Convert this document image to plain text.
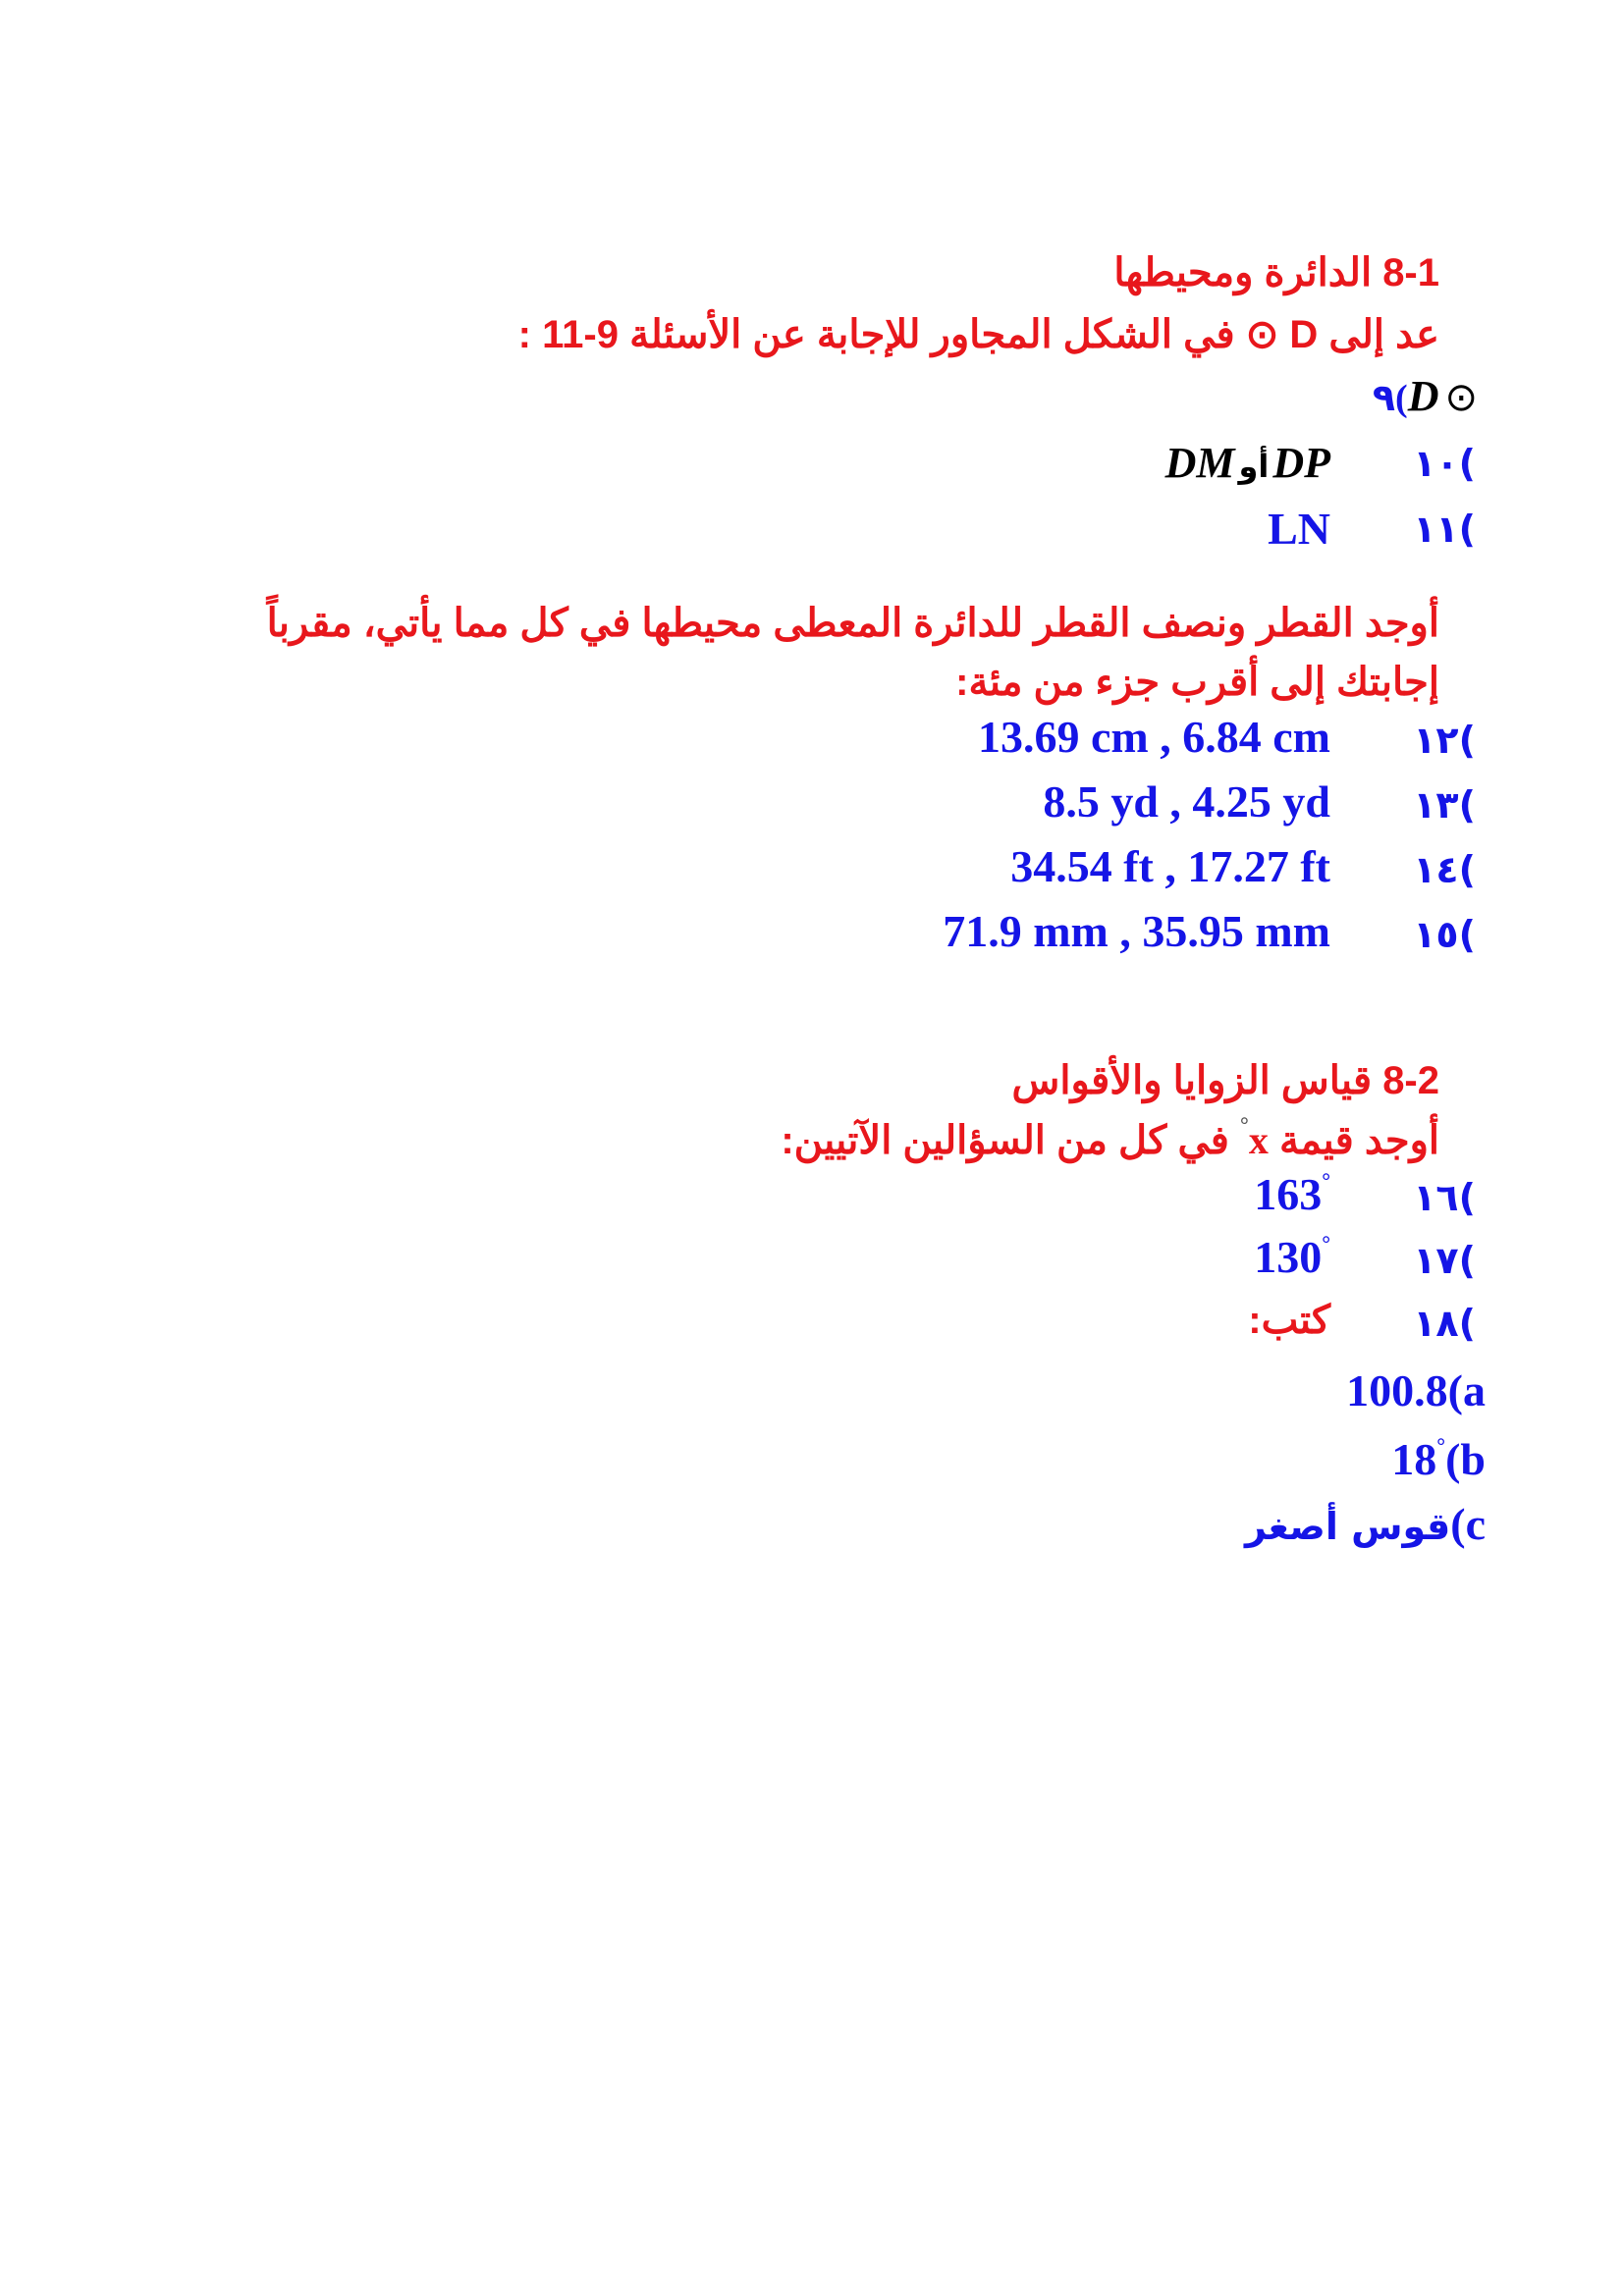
8-1 الدائرة ومحيطها
عد إلى D ⊙ في الشكل المجاور للإجابة عن الأسئلة 9-11 :
٩(D ⊙
١٠(
DM أو DP
١١(
LN
أوجد القطر ونصف القطر للدائرة المعطى محيطها في كل مما يأتي، مقرباً
إجابتك إلى أقرب جزء من مئة:
١٢(
13.69 cm , 6.84 cm
١٣(
8.5 yd , 4.25 yd
١٤(
34.54 ft , 17.27 ft
١٥(
71.9 mm , 35.95 mm
8-2 قياس الزوايا والأقواس
أوجد قيمة x° في كل من السؤالين الآتيين:
١٦(
163°
١٧(
130°
١٨(
كتب:
100.8(a
18°(b
قوس أصغر(c
